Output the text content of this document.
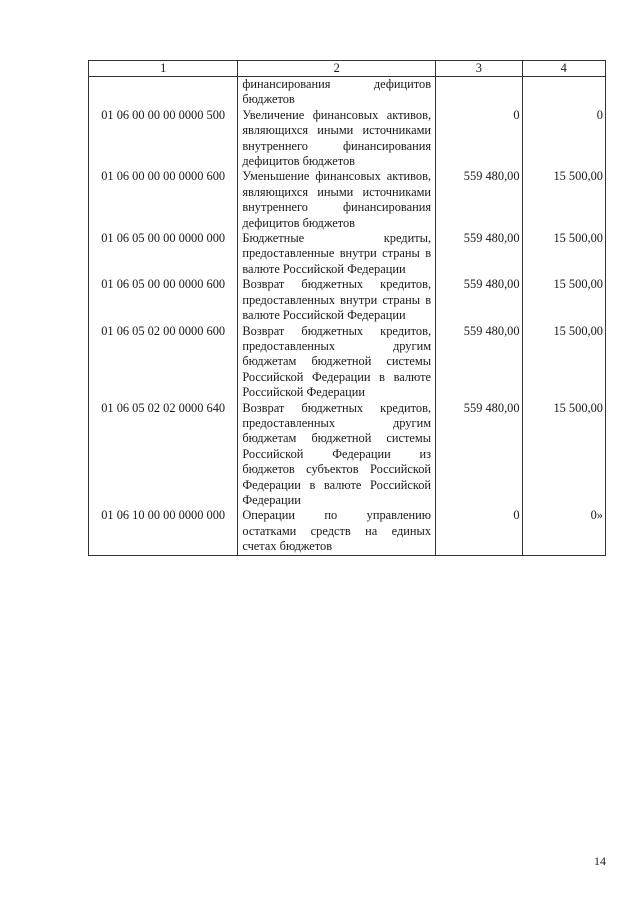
1	2	3	4
	финансирования дефицитов бюджетов		
01 06 00 00 00 0000 500	Увеличение финансовых активов, являющихся иными источниками внутреннего финансирования дефицитов бюджетов	0	0
01 06 00 00 00 0000 600	Уменьшение финансовых активов, являющихся иными источниками внутреннего финансирования дефицитов бюджетов	559 480,00	15 500,00
01 06 05 00 00 0000 000	Бюджетные кредиты, предоставленные внутри страны в валюте Российской Федерации	559 480,00	15 500,00
01 06 05 00 00 0000 600	Возврат бюджетных кредитов, предоставленных внутри страны в валюте Российской Федерации	559 480,00	15 500,00
01 06 05 02 00 0000 600	Возврат бюджетных кредитов, предоставленных другим бюджетам бюджетной системы Российской Федерации в валюте Российской Федерации	559 480,00	15 500,00
01 06 05 02 02 0000 640	Возврат бюджетных кредитов, предоставленных другим бюджетам бюджетной системы Российской Федерации из бюджетов субъектов Российской Федерации в валюте Российской Федерации	559 480,00	15 500,00
01 06 10 00 00 0000 000	Операции по управлению остатками средств на единых счетах бюджетов	0	0»
14
